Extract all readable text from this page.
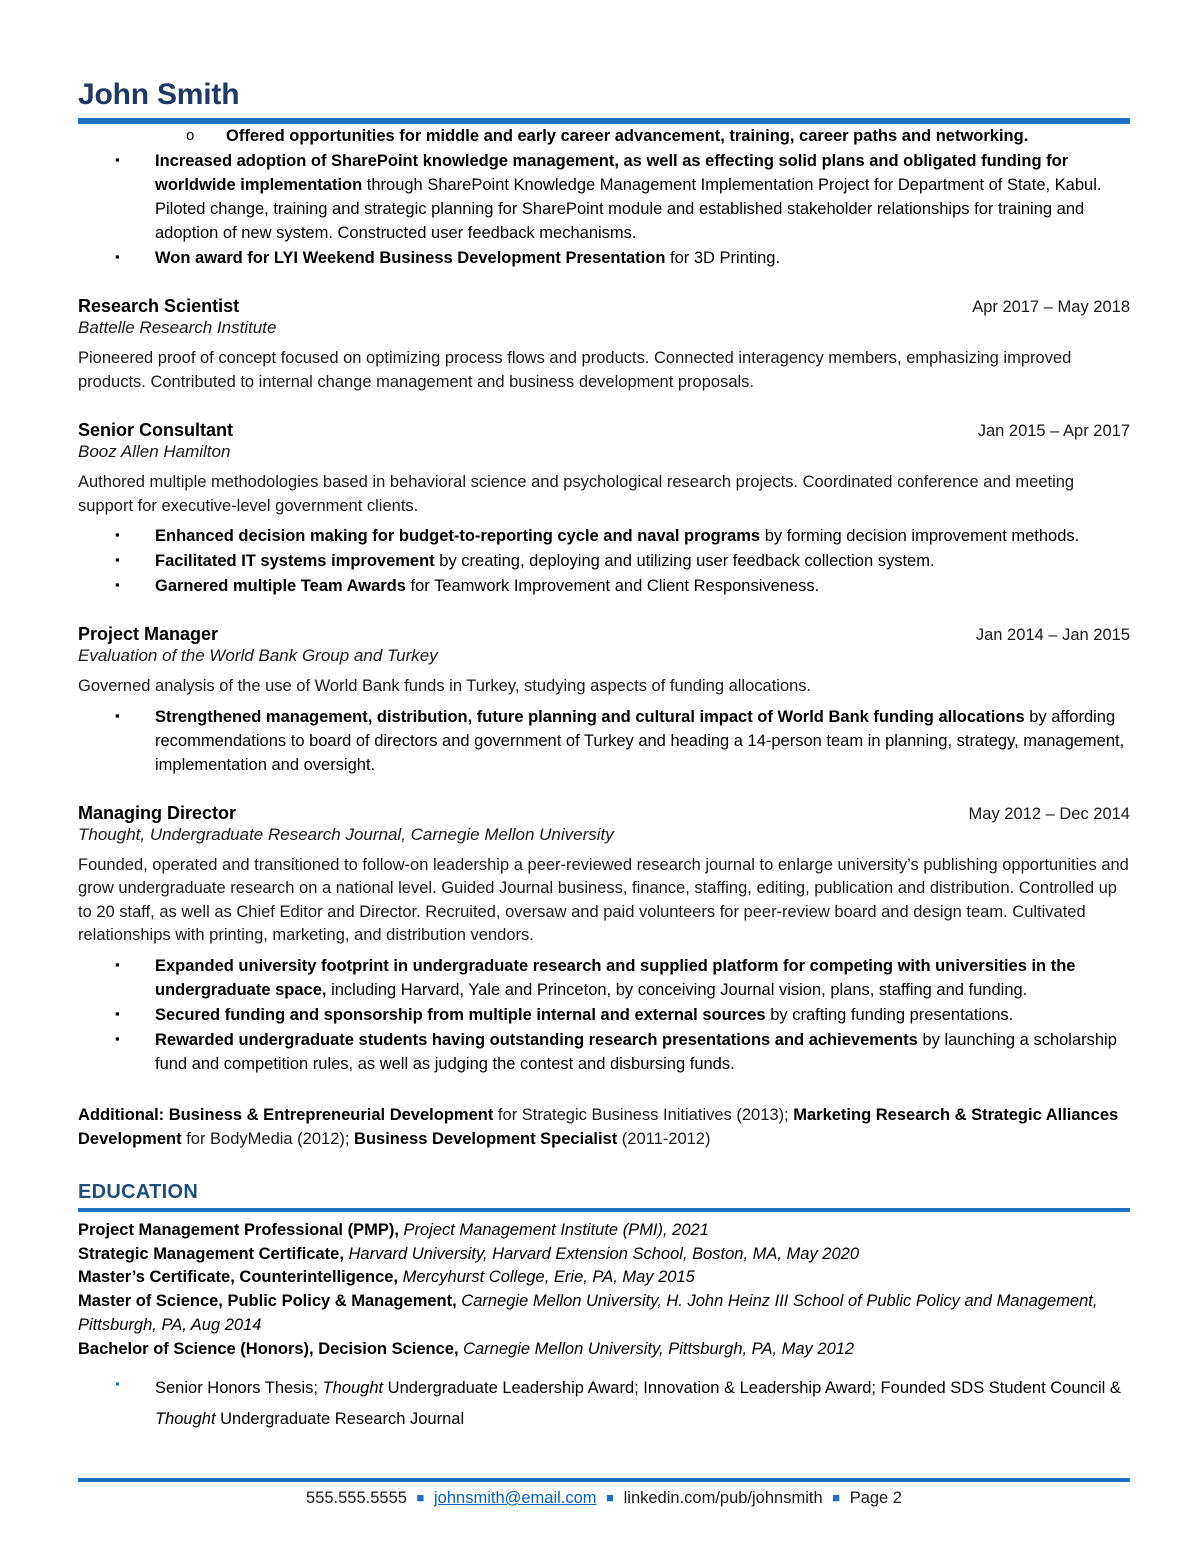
John Smith
o	Offered opportunities for middle and early career advancement, training, career paths and networking.
▪
Increased adoption of SharePoint knowledge management, as well as effecting solid plans and obligated funding for worldwide implementation through SharePoint Knowledge Management Implementation Project for Department of State, Kabul. Piloted change, training and strategic planning for SharePoint module and established stakeholder relationships for training and adoption of new system. Constructed user feedback mechanisms.
▪
Won award for LYI Weekend Business Development Presentation for 3D Printing.
Research Scientist	Apr 2017 – May 2018
Battelle Research Institute
Pioneered proof of concept focused on optimizing process flows and products. Connected interagency members, emphasizing improved products. Contributed to internal change management and business development proposals.
Senior Consultant	Jan 2015 – Apr 2017
Booz Allen Hamilton
Authored multiple methodologies based in behavioral science and psychological research projects. Coordinated conference and meeting support for executive-level government clients.
▪
Enhanced decision making for budget-to-reporting cycle and naval programs by forming decision improvement methods.
▪
Facilitated IT systems improvement by creating, deploying and utilizing user feedback collection system.
▪
Garnered multiple Team Awards for Teamwork Improvement and Client Responsiveness.
Project Manager	Jan 2014 – Jan 2015
Evaluation of the World Bank Group and Turkey
Governed analysis of the use of World Bank funds in Turkey, studying aspects of funding allocations.
▪
Strengthened management, distribution, future planning and cultural impact of World Bank funding allocations by affording recommendations to board of directors and government of Turkey and heading a 14-person team in planning, strategy, management, implementation and oversight.
Managing Director	May 2012 – Dec 2014
Thought, Undergraduate Research Journal, Carnegie Mellon University
Founded, operated and transitioned to follow-on leadership a peer-reviewed research journal to enlarge university’s publishing opportunities and grow undergraduate research on a national level. Guided Journal business, finance, staffing, editing, publication and distribution. Controlled up to 20 staff, as well as Chief Editor and Director. Recruited, oversaw and paid volunteers for peer-review board and design team. Cultivated relationships with printing, marketing, and distribution vendors.
▪
Expanded university footprint in undergraduate research and supplied platform for competing with universities in the undergraduate space, including Harvard, Yale and Princeton, by conceiving Journal vision, plans, staffing and funding.
▪
Secured funding and sponsorship from multiple internal and external sources by crafting funding presentations.
▪
Rewarded undergraduate students having outstanding research presentations and achievements by launching a scholarship fund and competition rules, as well as judging the contest and disbursing funds.
Additional: Business & Entrepreneurial Development for Strategic Business Initiatives (2013); Marketing Research & Strategic Alliances Development for BodyMedia (2012); Business Development Specialist (2011-2012)
EDUCATION
Project Management Professional (PMP), Project Management Institute (PMI), 2021
Strategic Management Certificate, Harvard University, Harvard Extension School, Boston, MA, May 2020
Master’s Certificate, Counterintelligence, Mercyhurst College, Erie, PA, May 2015
Master of Science, Public Policy & Management, Carnegie Mellon University, H. John Heinz III School of Public Policy and Management, Pittsburgh, PA, Aug 2014
Bachelor of Science (Honors), Decision Science, Carnegie Mellon University, Pittsburgh, PA, May 2012
▪
Senior Honors Thesis; Thought Undergraduate Leadership Award; Innovation & Leadership Award; Founded SDS Student Council & Thought Undergraduate Research Journal
555.555.5555 ■ johnsmith@email.com ■ linkedin.com/pub/johnsmith ■ Page 2
